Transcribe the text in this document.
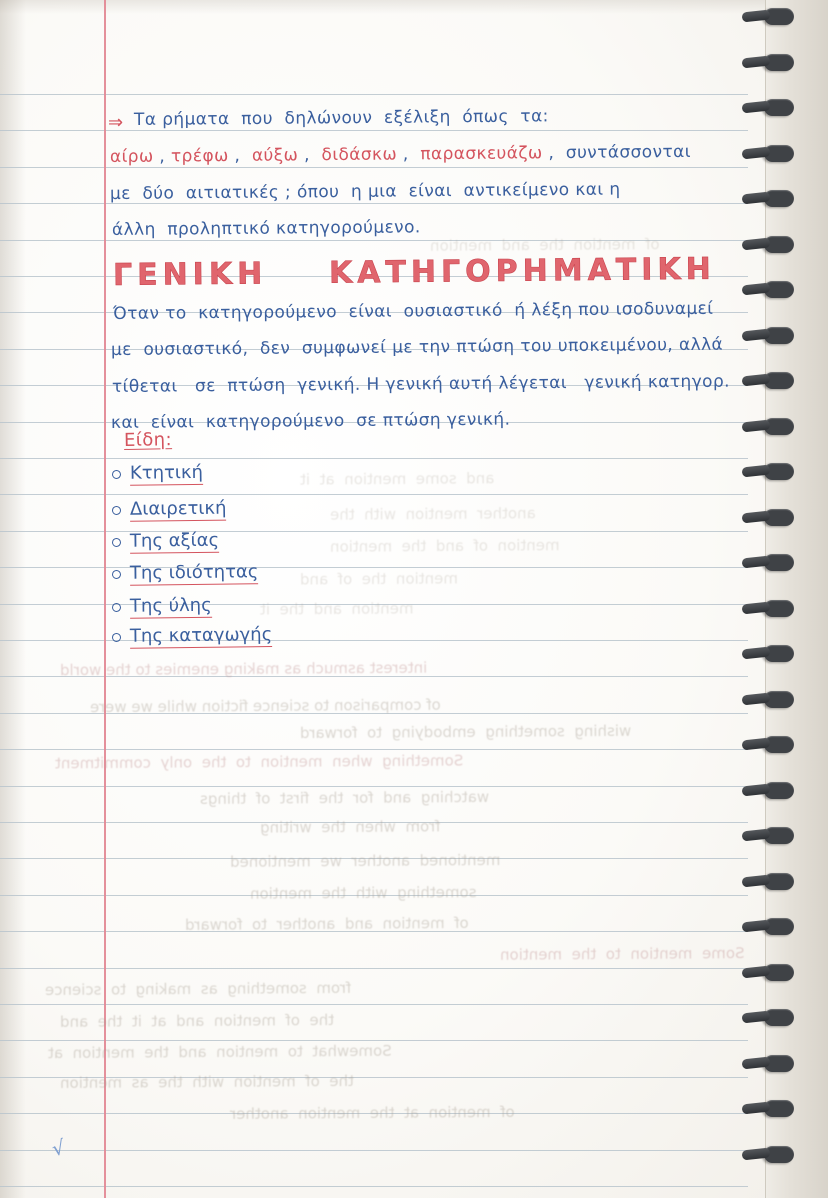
interest asmuch as making enemies to the world
of comparison to science fiction while we were
wishing  something  embodying  to  forward
Something  when  mention  to  the  only  commitment
watching  and  for  the  first  of  things
from  when  the  writing
mentioned  another  we  mentioned
something  with  the  mention
of  mention  and  another  to  forward
Some  mention  to  the  mention
from  something  as  making  to  science
the  of  mention  and  at  it  the  and
Somewhat  to  mention  and  the  mention  at
the  of  mention  with  the  as  mention
of  mention  at  the  mention  another
of  mention  the  and  mention
and  some  mention  at  it
another  mention  with  the
mention  of  and  the  mention
mention  the  of  and
mention  and  the  it
⇒ Τα ρήματα  που  δηλώνουν  εξέλιξη  όπως  τα:
αίρω , τρέφω ,  αύξω ,  διδάσκω ,  παρασκευάζω ,  συντάσσονται
με  δύο  αιτιατικές ; όπου  η μια  είναι  αντικείμενο και η
άλλη  προληπτικό κατηγορούμενο.
ΓΕΝΙΚΗ    ΚΑΤΗΓΟΡΗΜΑΤΙΚΗ
Όταν το  κατηγορούμενο  είναι  ουσιαστικό  ή λέξη που ισοδυναμεί
με  ουσιαστικό,  δεν  συμφωνεί με την πτώση του υποκειμένου, αλλά
τίθεται   σε  πτώση  γενική. Η γενική αυτή λέγεται   γενική κατηγορ.
και  είναι  κατηγορούμενο  σε πτώση γενική.
Είδη:
Κτητική
Διαιρετική
Της αξίας
Της ιδιότητας
Της ύλης
Της καταγωγής
√
